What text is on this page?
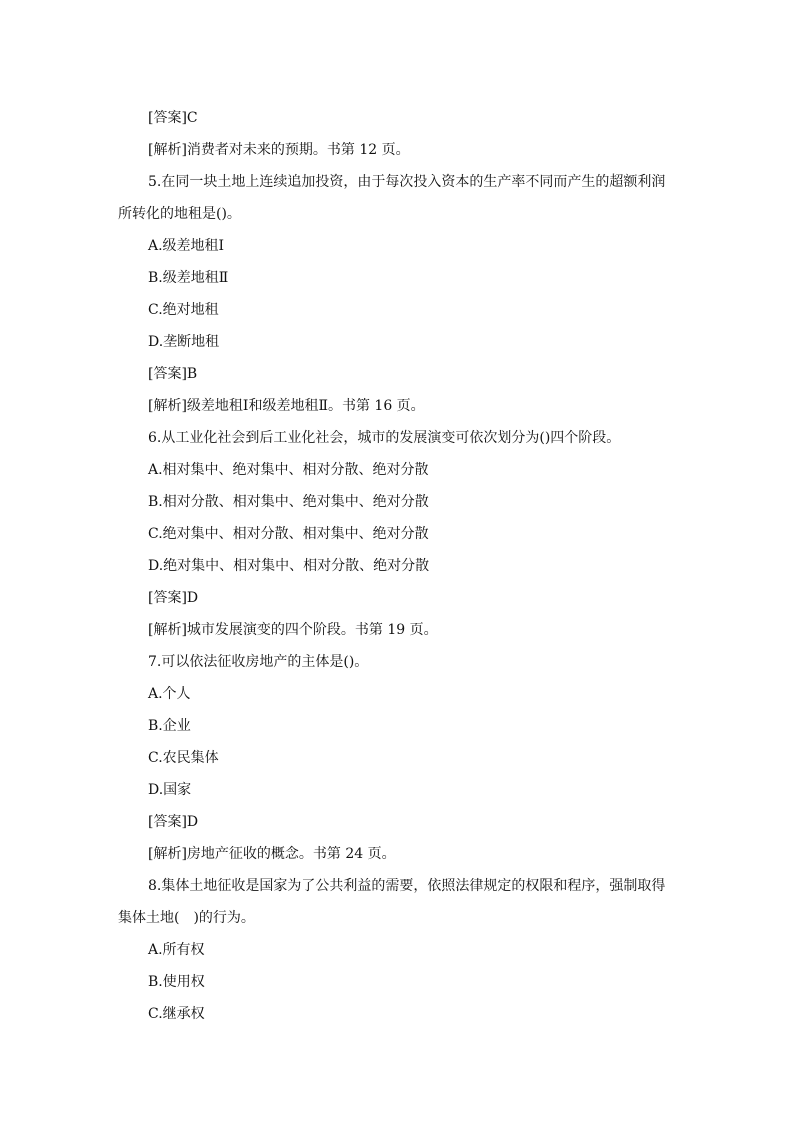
[答案]C
[解析]消费者对未来的预期。书第 12 页。
5.在同一块土地上连续追加投资，由于每次投入资本的生产率不同而产生的超额利润
所转化的地租是()。
A.级差地租Ⅰ
B.级差地租Ⅱ
C.绝对地租
D.垄断地租
[答案]B
[解析]级差地租Ⅰ和级差地租Ⅱ。书第 16 页。
6.从工业化社会到后工业化社会，城市的发展演变可依次划分为()四个阶段。
A.相对集中、绝对集中、相对分散、绝对分散
B.相对分散、相对集中、绝对集中、绝对分散
C.绝对集中、相对分散、相对集中、绝对分散
D.绝对集中、相对集中、相对分散、绝对分散
[答案]D
[解析]城市发展演变的四个阶段。书第 19 页。
7.可以依法征收房地产的主体是()。
A.个人
B.企业
C.农民集体
D.国家
[答案]D
[解析]房地产征收的概念。书第 24 页。
8.集体土地征收是国家为了公共利益的需要，依照法律规定的权限和程序，强制取得
集体土地(　)的行为。
A.所有权
B.使用权
C.继承权
